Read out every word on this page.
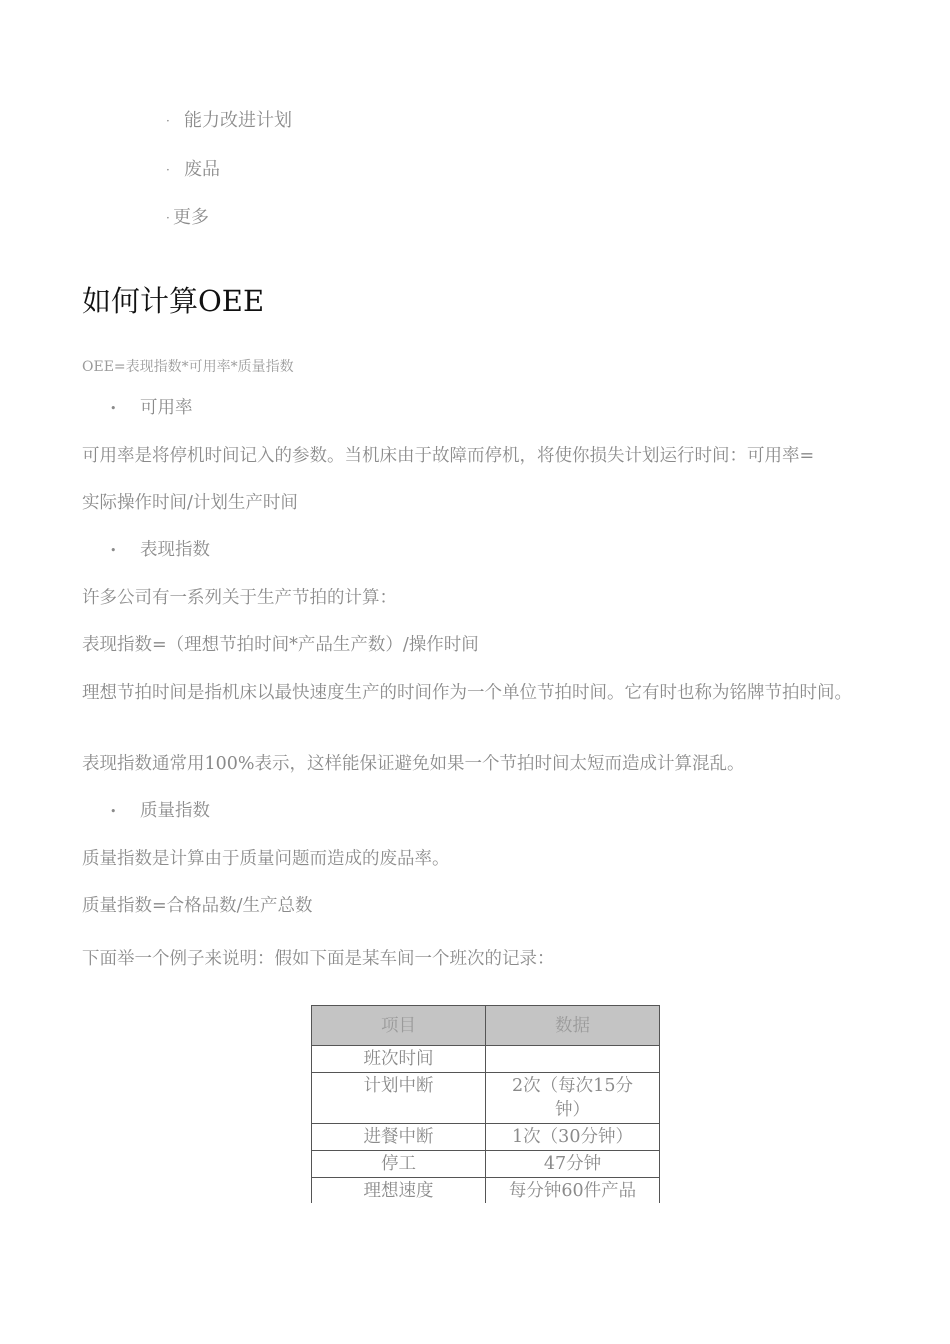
· 能力改进计划
· 废品
· 更多
如何计算OEE
OEE=表现指数*可用率*质量指数
• 可用率
可用率是将停机时间记入的参数。当机床由于故障而停机，将使你损失计划运行时间：可用率=
实际操作时间/计划生产时间
• 表现指数
许多公司有一系列关于生产节拍的计算：
表现指数=（理想节拍时间*产品生产数）/操作时间
理想节拍时间是指机床以最快速度生产的时间作为一个单位节拍时间。它有时也称为铭牌节拍时间。
表现指数通常用100%表示，这样能保证避免如果一个节拍时间太短而造成计算混乱。
• 质量指数
质量指数是计算由于质量问题而造成的废品率。
质量指数=合格品数/生产总数
下面举一个例子来说明：假如下面是某车间一个班次的记录：
项目	数据
班次时间	
计划中断	2次（每次15分钟）
进餐中断	1次（30分钟）
停工	47分钟
理想速度	每分钟60件产品
